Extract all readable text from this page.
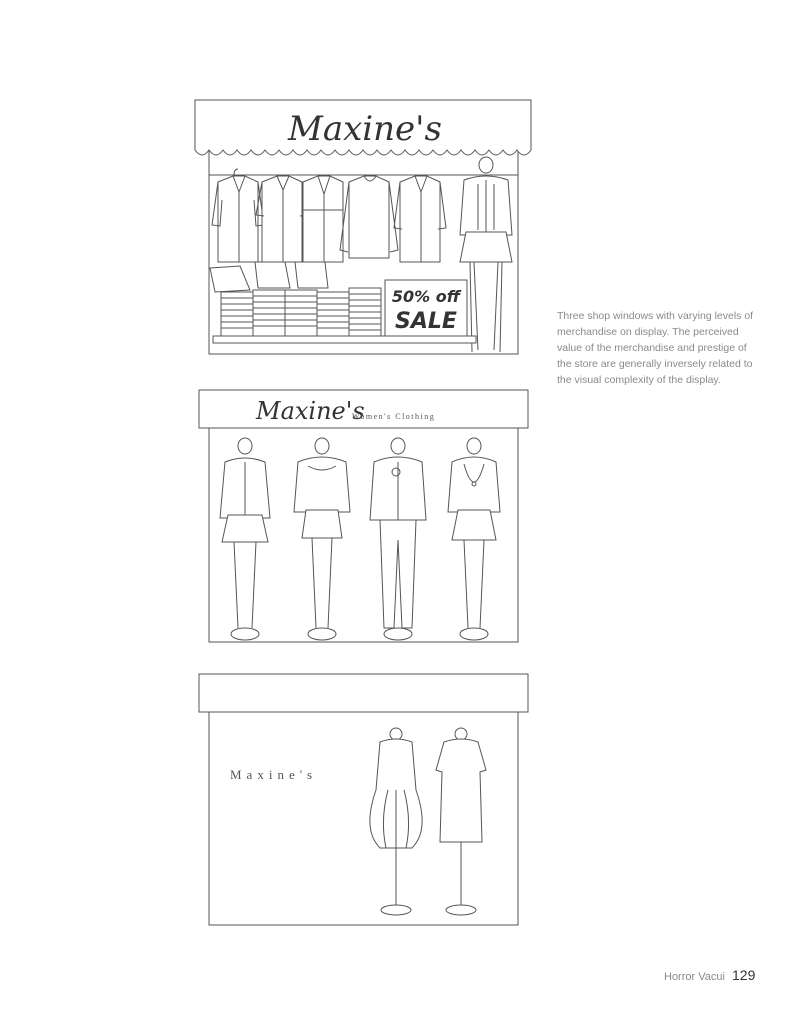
Maxine's
50% off
SALE
Maxine's
Women's Clothing
Maxine's

Three shop windows with varying levels of merchandise on display. The perceived value of the merchandise and prestige of the store are generally inversely related to the visual complexity of the display.

Horror Vacui 129
